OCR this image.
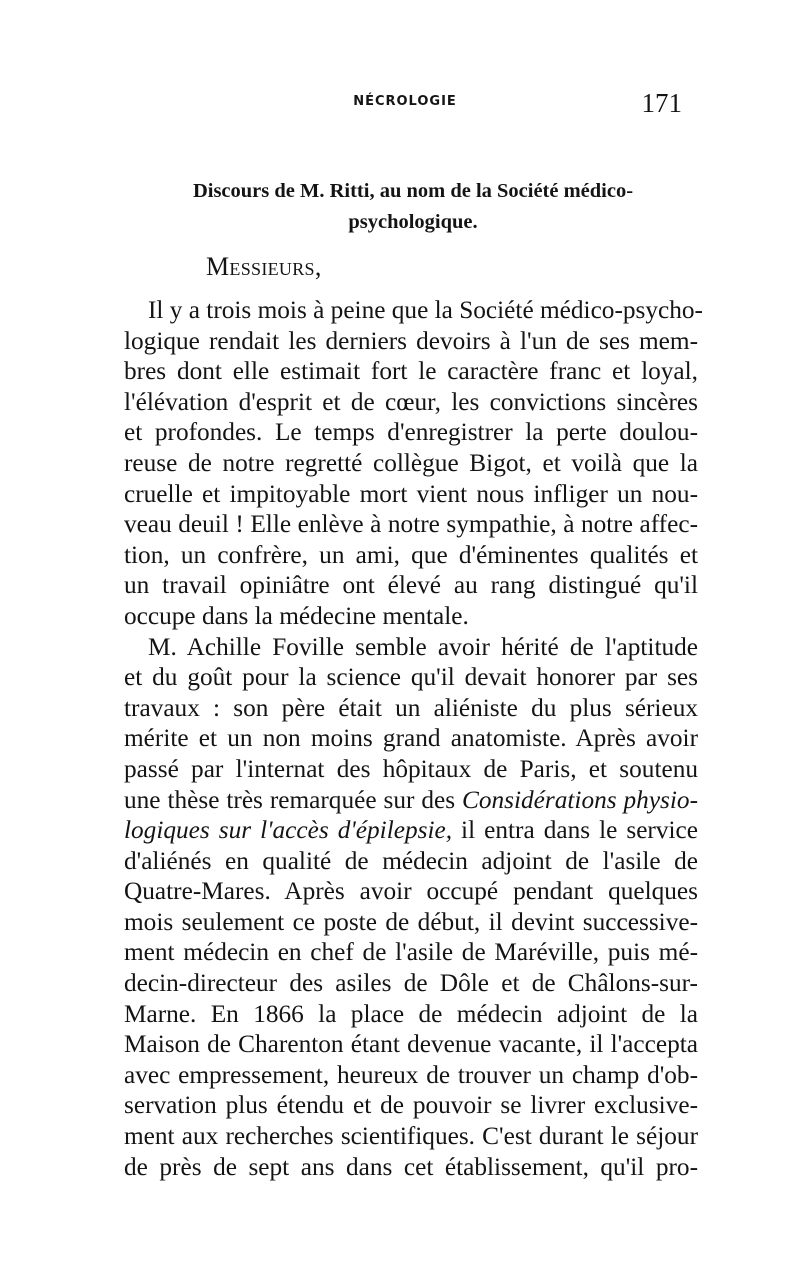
NÉCROLOGIE	171
Discours de M. Ritti, au nom de la Société médico-
psychologique.
Messieurs,
Il y a trois mois à peine que la Société médico-psycho-
logique rendait les derniers devoirs à l'un de ses mem-
bres dont elle estimait fort le caractère franc et loyal,
l'élévation d'esprit et de cœur, les convictions sincères
et profondes. Le temps d'enregistrer la perte doulou-
reuse de notre regretté collègue Bigot, et voilà que la
cruelle et impitoyable mort vient nous infliger un nou-
veau deuil ! Elle enlève à notre sympathie, à notre affec-
tion, un confrère, un ami, que d'éminentes qualités et
un travail opiniâtre ont élevé au rang distingué qu'il
occupe dans la médecine mentale.
M. Achille Foville semble avoir hérité de l'aptitude
et du goût pour la science qu'il devait honorer par ses
travaux : son père était un aliéniste du plus sérieux
mérite et un non moins grand anatomiste. Après avoir
passé par l'internat des hôpitaux de Paris, et soutenu
une thèse très remarquée sur des Considérations physio-
logiques sur l'accès d'épilepsie, il entra dans le service
d'aliénés en qualité de médecin adjoint de l'asile de
Quatre-Mares. Après avoir occupé pendant quelques
mois seulement ce poste de début, il devint successive-
ment médecin en chef de l'asile de Maréville, puis mé-
decin-directeur des asiles de Dôle et de Châlons-sur-
Marne. En 1866 la place de médecin adjoint de la
Maison de Charenton étant devenue vacante, il l'accepta
avec empressement, heureux de trouver un champ d'ob-
servation plus étendu et de pouvoir se livrer exclusive-
ment aux recherches scientifiques. C'est durant le séjour
de près de sept ans dans cet établissement, qu'il pro-
